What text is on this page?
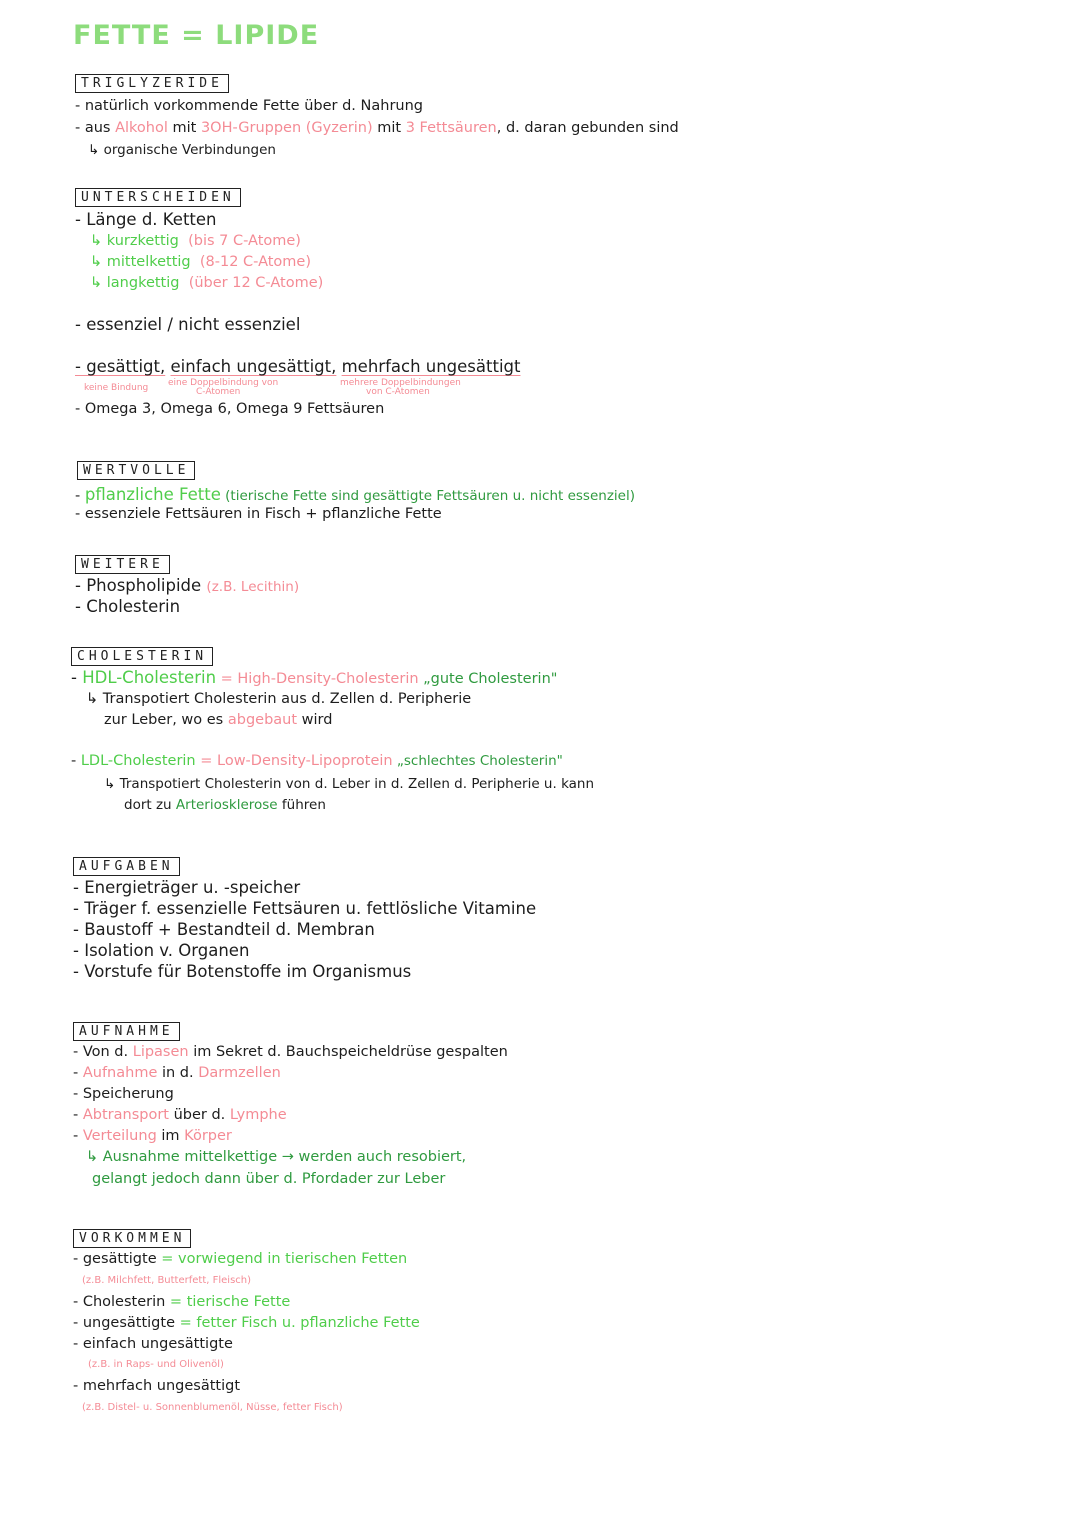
FETTE = LIPIDE
TRIGLYZERIDE
- natürlich vorkommende Fette über d. Nahrung
- aus Alkohol mit 3OH-Gruppen (Gyzerin) mit 3 Fettsäuren, d. daran gebunden sind
↳ organische Verbindungen
UNTERSCHEIDEN
- Länge d. Ketten
↳ kurzkettig (bis 7 C-Atome)
↳ mittelkettig (8-12 C-Atome)
↳ langkettig (über 12 C-Atome)
- essenziel / nicht essenziel
- gesättigt, einfach ungesättigt, mehrfach ungesättigt
keine Bindung eine Doppelbindung von
C-Atomen
mehrere Doppelbindungen
von C-Atomen
- Omega 3, Omega 6, Omega 9 Fettsäuren
WERTVOLLE
- pflanzliche Fette (tierische Fette sind gesättigte Fettsäuren u. nicht essenziel)
- essenziele Fettsäuren in Fisch + pflanzliche Fette
WEITERE
- Phospholipide (z.B. Lecithin)
- Cholesterin
CHOLESTERIN
- HDL-Cholesterin = High-Density-Cholesterin „gute Cholesterin"
↳ Transpotiert Cholesterin aus d. Zellen d. Peripherie
zur Leber, wo es abgebaut wird
- LDL-Cholesterin = Low-Density-Lipoprotein „schlechtes Cholesterin"
↳ Transpotiert Cholesterin von d. Leber in d. Zellen d. Peripherie u. kann
dort zu Arteriosklerose führen
AUFGABEN
- Energieträger u. -speicher
- Träger f. essenzielle Fettsäuren u. fettlösliche Vitamine
- Baustoff + Bestandteil d. Membran
- Isolation v. Organen
- Vorstufe für Botenstoffe im Organismus
AUFNAHME
- Von d. Lipasen im Sekret d. Bauchspeicheldrüse gespalten
- Aufnahme in d. Darmzellen
- Speicherung
- Abtransport über d. Lymphe
- Verteilung im Körper
↳ Ausnahme mittelkettige → werden auch resobiert,
gelangt jedoch dann über d. Pfordader zur Leber
VORKOMMEN
- gesättigte = vorwiegend in tierischen Fetten
(z.B. Milchfett, Butterfett, Fleisch)
- Cholesterin = tierische Fette
- ungesättigte = fetter Fisch u. pflanzliche Fette
- einfach ungesättigte
(z.B. in Raps- und Olivenöl)
- mehrfach ungesättigt
(z.B. Distel- u. Sonnenblumenöl, Nüsse, fetter Fisch)
